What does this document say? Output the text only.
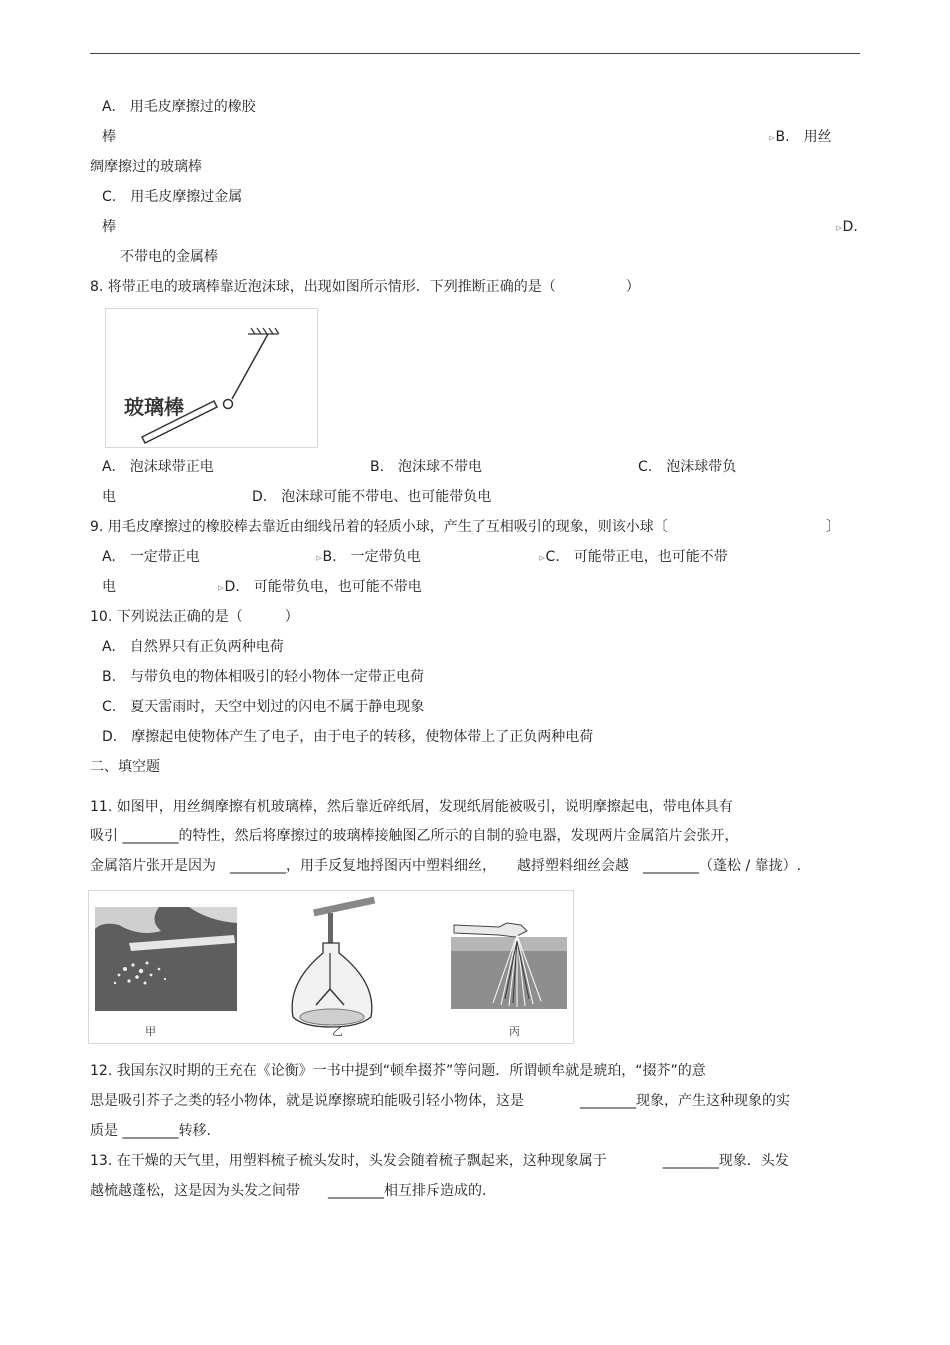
A.　用毛皮摩擦过的橡胶
棒	⊳B.　用丝
绸摩擦过的玻璃棒
C.　用毛皮摩擦过金属
棒	⊳D.
不带电的金属棒
8. 将带正电的玻璃棒靠近泡沫球，出现如图所示情形．下列推断正确的是（　　　　　）
玻璃棒
A.　泡沫球带正电	B.　泡沫球不带电	C.　泡沫球带负
电	D.　泡沫球可能不带电、也可能带负电
9. 用毛皮摩擦过的橡胶棒去靠近由细线吊着的轻质小球，产生了互相吸引的现象，则该小球〔	〕
A.　一定带正电	⊳B.　一定带负电	⊳C.　可能带正电，也可能不带
电	⊳D.　可能带负电，也可能不带电
10. 下列说法正确的是（　　　）
A.　自然界只有正负两种电荷
B.　与带负电的物体相吸引的轻小物体一定带正电荷
C.　夏天雷雨时，天空中划过的闪电不属于静电现象
D.　摩擦起电使物体产生了电子，由于电子的转移，使物体带上了正负两种电荷
二、填空题
11. 如图甲，用丝绸摩擦有机玻璃棒，然后靠近碎纸屑，发现纸屑能被吸引，说明摩擦起电，带电体具有
吸引 ________的特性，然后将摩擦过的玻璃棒接触图乙所示的自制的验电器，发现两片金属箔片会张开，
金属箔片张开是因为　________，用手反复地捋图丙中塑料细丝，　　越捋塑料细丝会越　________（蓬松 / 靠拢）.
甲	乙	丙
12. 我国东汉时期的王充在《论衡》一书中提到“顿牟掇芥”等问题．所谓顿牟就是琥珀，“掇芥”的意
思是吸引芥子之类的轻小物体，就是说摩擦琥珀能吸引轻小物体，这是　　　　________现象，产生这种现象的实
质是 ________转移.
13. 在干燥的天气里，用塑料梳子梳头发时，头发会随着梳子飘起来，这种现象属于　　　　________现象．头发
越梳越蓬松，这是因为头发之间带　　________相互排斥造成的.
